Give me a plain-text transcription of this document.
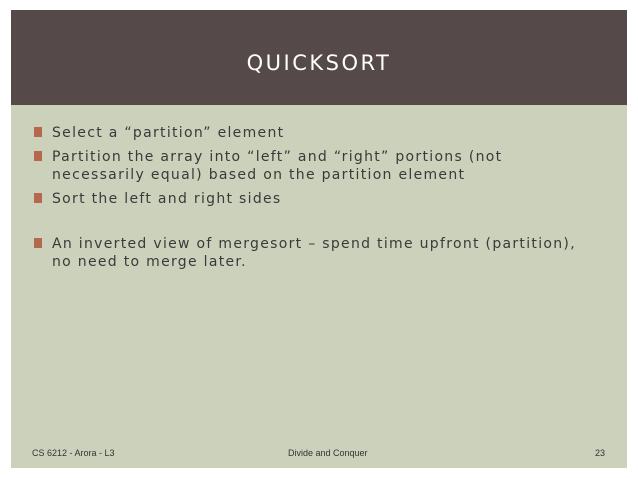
QUICKSORT
Select a “partition” element
Partition the array into “left” and “right” portions (not necessarily equal) based on the partition element
Sort the left and right sides
An inverted view of mergesort – spend time upfront (partition), no need to merge later.
CS 6212 - Arora - L3	Divide and Conquer	23
